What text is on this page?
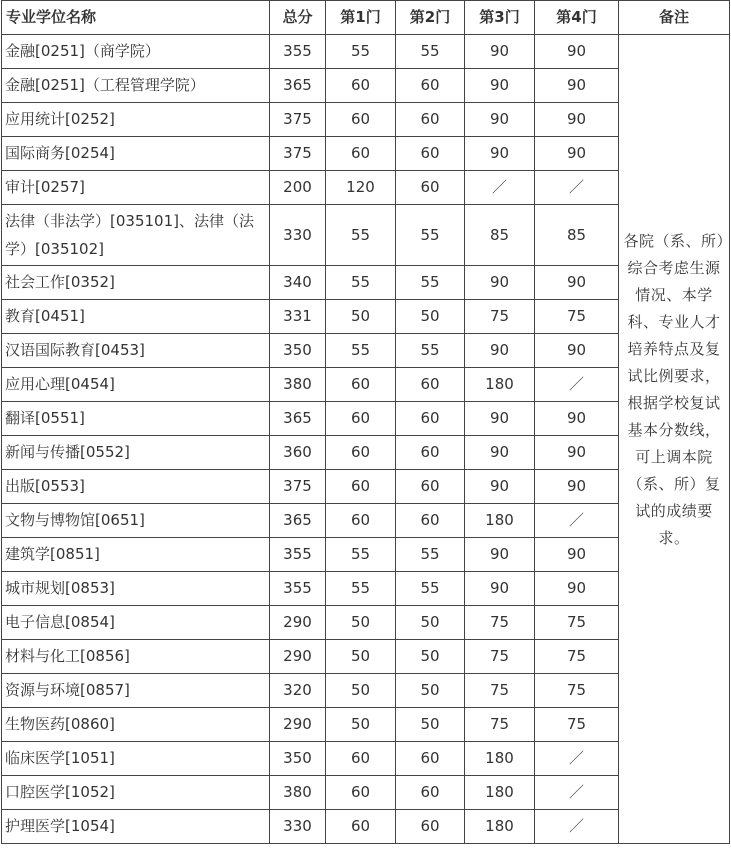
专业学位名称	总分	第1门	第2门	第3门	第4门	备注
金融[0251]（商学院）	355	55	55	90	90	各院（系、所）综合考虑生源情况、本学科、专业人才培养特点及复试比例要求，根据学校复试基本分数线，可上调本院（系、所）复试的成绩要求。
金融[0251]（工程管理学院）	365	60	60	90	90	
应用统计[0252]	375	60	60	90	90	
国际商务[0254]	375	60	60	90	90	
审计[0257]	200	120	60	／	／	
法律（非法学）[035101]、法律（法学）[035102]	330	55	55	85	85	
社会工作[0352]	340	55	55	90	90	
教育[0451]	331	50	50	75	75	
汉语国际教育[0453]	350	55	55	90	90	
应用心理[0454]	380	60	60	180	／	
翻译[0551]	365	60	60	90	90	
新闻与传播[0552]	360	60	60	90	90	
出版[0553]	375	60	60	90	90	
文物与博物馆[0651]	365	60	60	180	／	
建筑学[0851]	355	55	55	90	90	
城市规划[0853]	355	55	55	90	90	
电子信息[0854]	290	50	50	75	75	
材料与化工[0856]	290	50	50	75	75	
资源与环境[0857]	320	50	50	75	75	
生物医药[0860]	290	50	50	75	75	
临床医学[1051]	350	60	60	180	／	
口腔医学[1052]	380	60	60	180	／	
护理医学[1054]	330	60	60	180	／	
